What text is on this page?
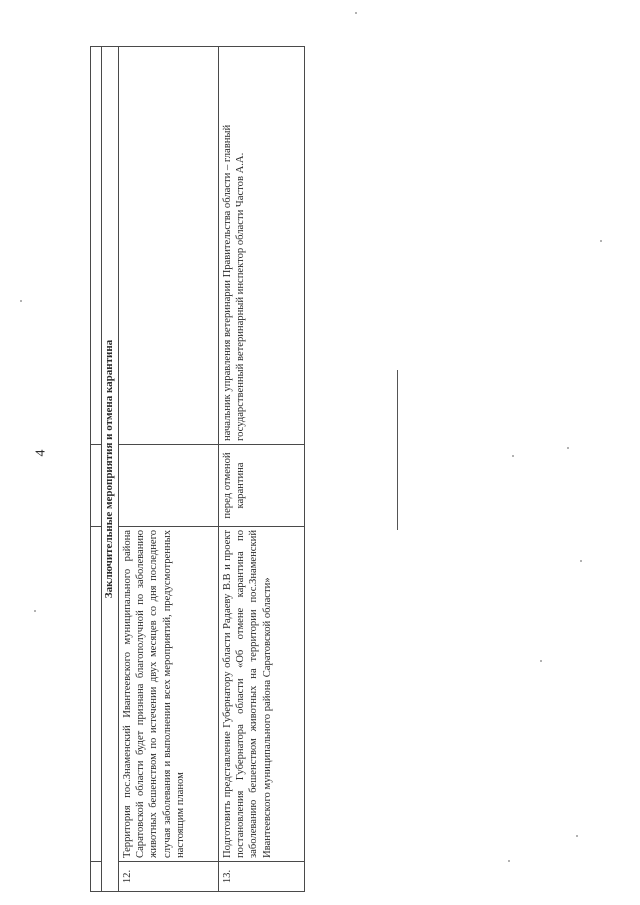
4
				Заключительные мероприятия и отмена карантина			
12.	Территория пос.Знаменский Ивантеевского муниципального района Саратовской области будет признана благополучной по заболеванию животных бешенством по истечении двух месяцев со дня последнего случая заболевания и выполнении всех мероприятий, предусмотренных настоящим планом		
13.	Подготовить представление Губернатору области Радаеву В.В и проект постановления Губернатора области «Об отмене карантина по заболеванию бешенством животных на территории пос.Знаменский Ивантеевского муниципального района Саратовской области»	перед отменой карантина	начальник управления ветеринарии Правительства области – главный государственный ветеринарный инспектор области Частов А.А.
